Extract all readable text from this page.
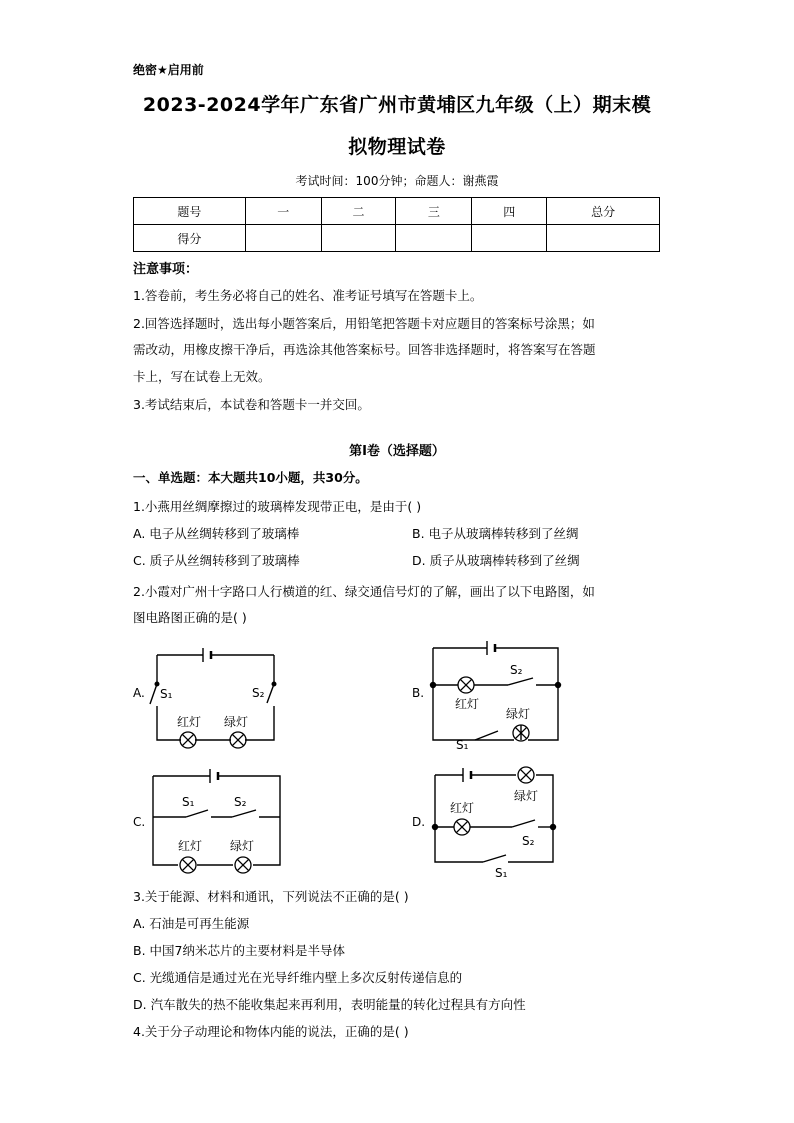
绝密★启用前
2023-2024学年广东省广州市黄埔区九年级（上）期末模
拟物理试卷
考试时间：100分钟；命题人：谢燕霞
题号	一	二	三	四	总分
得分					
注意事项：
1.答卷前，考生务必将自己的姓名、准考证号填写在答题卡上。
2.回答选择题时，选出每小题答案后，用铅笔把答题卡对应题目的答案标号涂黑；如
需改动，用橡皮擦干净后，再选涂其他答案标号。回答非选择题时，将答案写在答题
卡上，写在试卷上无效。
3.考试结束后，本试卷和答题卡一并交回。
第I卷（选择题）
一、单选题：本大题共10小题，共30分。
1.小燕用丝绸摩擦过的玻璃棒发现带正电，是由于( )
A. 电子从丝绸转移到了玻璃棒	B. 电子从玻璃棒转移到了丝绸
C. 质子从丝绸转移到了玻璃棒	D. 质子从玻璃棒转移到了丝绸
2.小霞对广州十字路口人行横道的红、绿交通信号灯的了解，画出了以下电路图，如
图电路图正确的是( )
A.	B.
C.	D.
S₁	S₂
红灯 绿灯
S₂
红灯
绿灯
S₁
S₁	S₂
红灯 绿灯
绿灯
红灯
S₂
S₁
3.关于能源、材料和通讯，下列说法不正确的是( )
A. 石油是可再生能源
B. 中国7纳米芯片的主要材料是半导体
C. 光缆通信是通过光在光导纤维内壁上多次反射传递信息的
D. 汽车散失的热不能收集起来再利用，表明能量的转化过程具有方向性
4.关于分子动理论和物体内能的说法，正确的是( )
